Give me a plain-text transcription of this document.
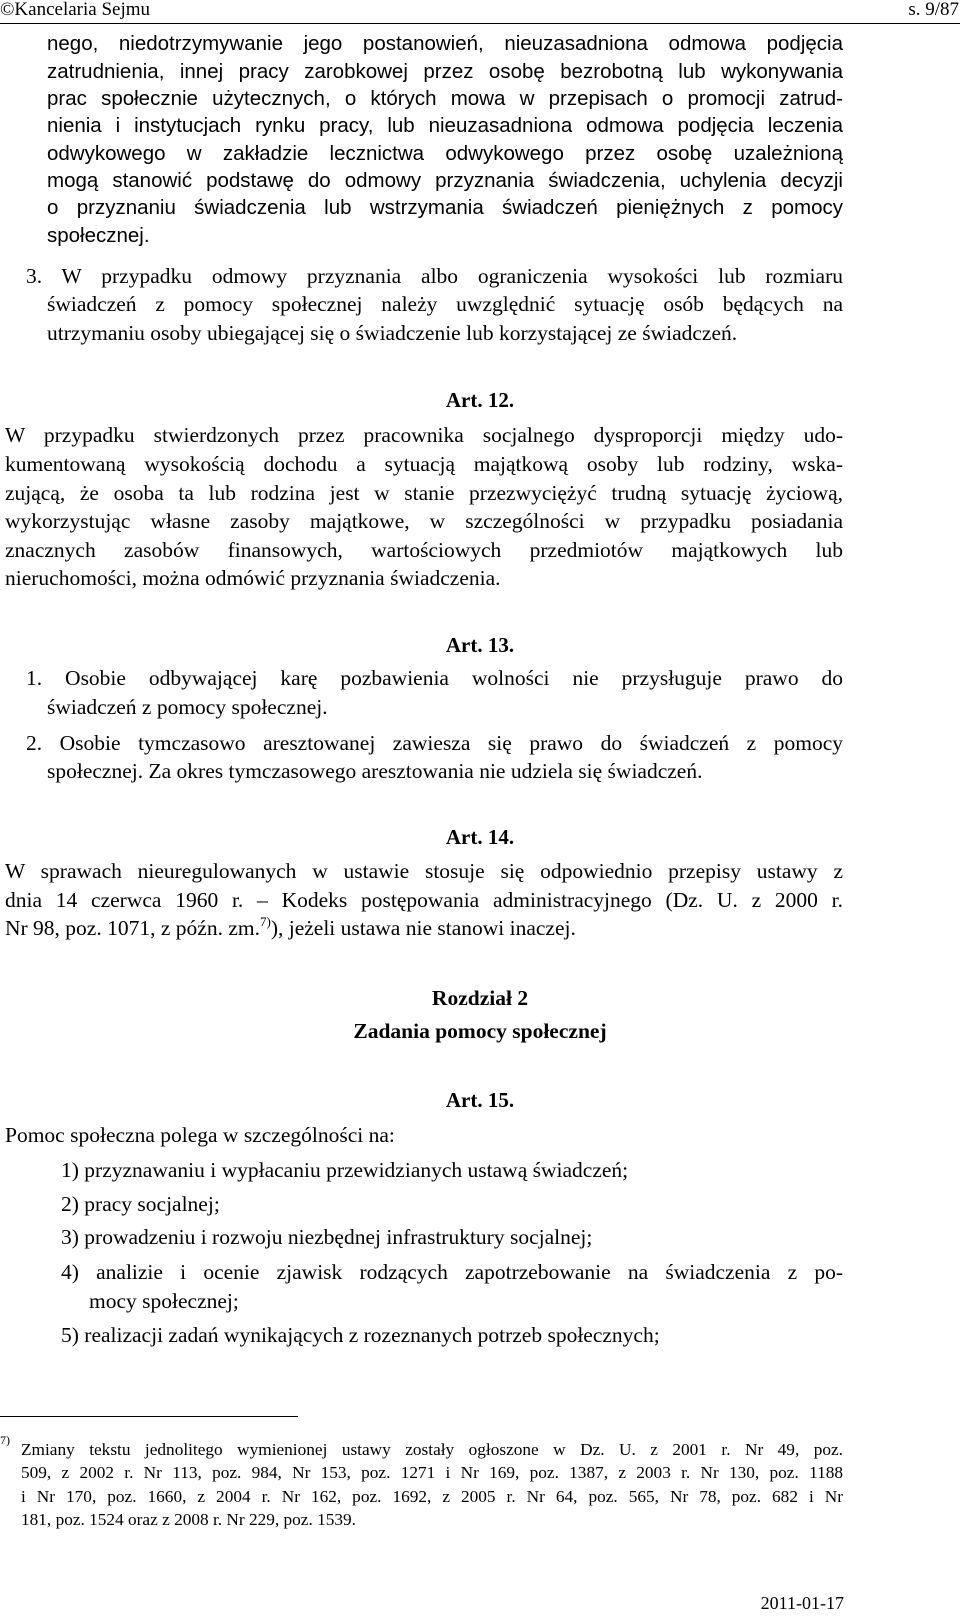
©Kancelaria Sejmu	s. 9/87
nego, niedotrzymywanie jego postanowień, nieuzasadniona odmowa podjęcia
zatrudnienia, innej pracy zarobkowej przez osobę bezrobotną lub wykonywania
prac społecznie użytecznych, o których mowa w przepisach o promocji zatrud-
nienia i instytucjach rynku pracy, lub nieuzasadniona odmowa podjęcia leczenia
odwykowego w zakładzie lecznictwa odwykowego przez osobę uzależnioną
mogą stanowić podstawę do odmowy przyznania świadczenia, uchylenia decyzji
o przyznaniu świadczenia lub wstrzymania świadczeń pieniężnych z pomocy
społecznej.
3. W przypadku odmowy przyznania albo ograniczenia wysokości lub rozmiaru
świadczeń z pomocy społecznej należy uwzględnić sytuację osób będących na
utrzymaniu osoby ubiegającej się o świadczenie lub korzystającej ze świadczeń.
Art. 12.
W przypadku stwierdzonych przez pracownika socjalnego dysproporcji między udo-
kumentowaną wysokością dochodu a sytuacją majątkową osoby lub rodziny, wska-
zującą, że osoba ta lub rodzina jest w stanie przezwyciężyć trudną sytuację życiową,
wykorzystując własne zasoby majątkowe, w szczególności w przypadku posiadania
znacznych zasobów finansowych, wartościowych przedmiotów majątkowych lub
nieruchomości, można odmówić przyznania świadczenia.
Art. 13.
1. Osobie odbywającej karę pozbawienia wolności nie przysługuje prawo do
świadczeń z pomocy społecznej.
2. Osobie tymczasowo aresztowanej zawiesza się prawo do świadczeń z pomocy
społecznej. Za okres tymczasowego aresztowania nie udziela się świadczeń.
Art. 14.
W sprawach nieuregulowanych w ustawie stosuje się odpowiednio przepisy ustawy z
dnia 14 czerwca 1960 r. – Kodeks postępowania administracyjnego (Dz. U. z 2000 r.
Nr 98, poz. 1071, z późn. zm.$^{7)}$), jeżeli ustawa nie stanowi inaczej.
Rozdział 2
Zadania pomocy społecznej
Art. 15.
Pomoc społeczna polega w szczególności na:
1) przyznawaniu i wypłacaniu przewidzianych ustawą świadczeń;
2) pracy socjalnej;
3) prowadzeniu i rozwoju niezbędnej infrastruktury socjalnej;
4) analizie i ocenie zjawisk rodzących zapotrzebowanie na świadczenia z po-
mocy społecznej;
5) realizacji zadań wynikających z rozeznanych potrzeb społecznych;
7) Zmiany tekstu jednolitego wymienionej ustawy zostały ogłoszone w Dz. U. z 2001 r. Nr 49, poz.
509, z 2002 r. Nr 113, poz. 984, Nr 153, poz. 1271 i Nr 169, poz. 1387, z 2003 r. Nr 130, poz. 1188
i Nr 170, poz. 1660, z 2004 r. Nr 162, poz. 1692, z 2005 r. Nr 64, poz. 565, Nr 78, poz. 682 i Nr
181, poz. 1524 oraz z 2008 r. Nr 229, poz. 1539.
2011-01-17
